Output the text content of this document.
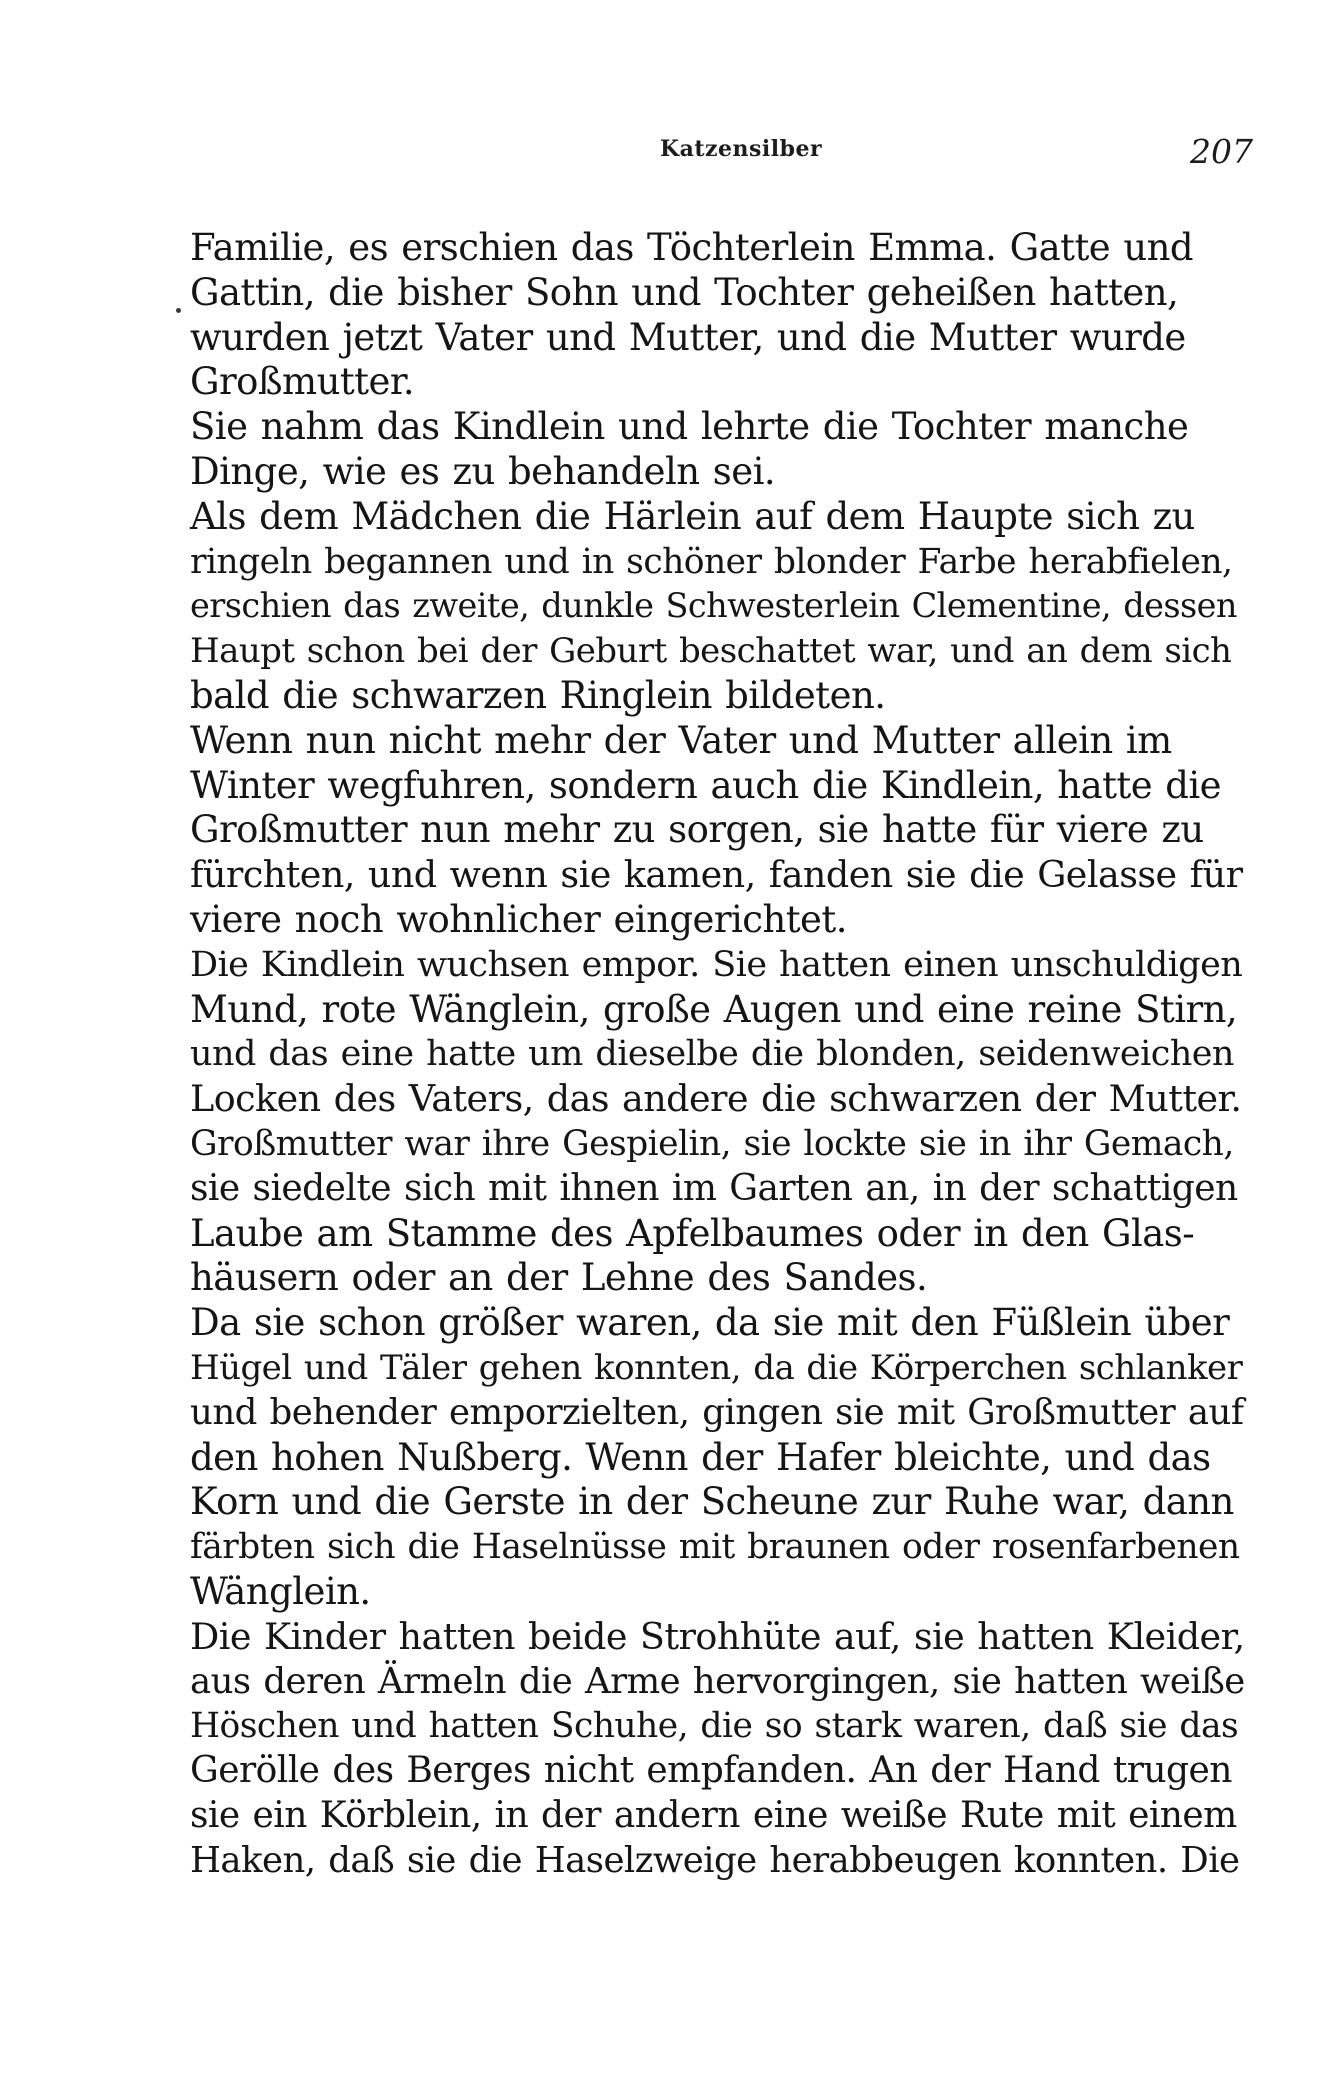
Katzensilber	207
Familie, es erschien das Töchterlein Emma. Gatte und
Gattin, die bisher Sohn und Tochter geheißen hatten,
wurden jetzt Vater und Mutter, und die Mutter wurde
Großmutter.
Sie nahm das Kindlein und lehrte die Tochter manche
Dinge, wie es zu behandeln sei.
Als dem Mädchen die Härlein auf dem Haupte sich zu
ringeln begannen und in schöner blonder Farbe herabfielen,
erschien das zweite, dunkle Schwesterlein Clementine, dessen
Haupt schon bei der Geburt beschattet war, und an dem sich
bald die schwarzen Ringlein bildeten.
Wenn nun nicht mehr der Vater und Mutter allein im
Winter wegfuhren, sondern auch die Kindlein, hatte die
Großmutter nun mehr zu sorgen, sie hatte für viere zu
fürchten, und wenn sie kamen, fanden sie die Gelasse für
viere noch wohnlicher eingerichtet.
Die Kindlein wuchsen empor. Sie hatten einen unschuldigen
Mund, rote Wänglein, große Augen und eine reine Stirn,
und das eine hatte um dieselbe die blonden, seidenweichen
Locken des Vaters, das andere die schwarzen der Mutter.
Großmutter war ihre Gespielin, sie lockte sie in ihr Gemach,
sie siedelte sich mit ihnen im Garten an, in der schattigen
Laube am Stamme des Apfelbaumes oder in den Glas-
häusern oder an der Lehne des Sandes.
Da sie schon größer waren, da sie mit den Füßlein über
Hügel und Täler gehen konnten, da die Körperchen schlanker
und behender emporzielten, gingen sie mit Großmutter auf
den hohen Nußberg. Wenn der Hafer bleichte, und das
Korn und die Gerste in der Scheune zur Ruhe war, dann
färbten sich die Haselnüsse mit braunen oder rosenfarbenen
Wänglein.
Die Kinder hatten beide Strohhüte auf, sie hatten Kleider,
aus deren Ärmeln die Arme hervorgingen, sie hatten weiße
Höschen und hatten Schuhe, die so stark waren, daß sie das
Gerölle des Berges nicht empfanden. An der Hand trugen
sie ein Körblein, in der andern eine weiße Rute mit einem
Haken, daß sie die Haselzweige herabbeugen konnten. Die
